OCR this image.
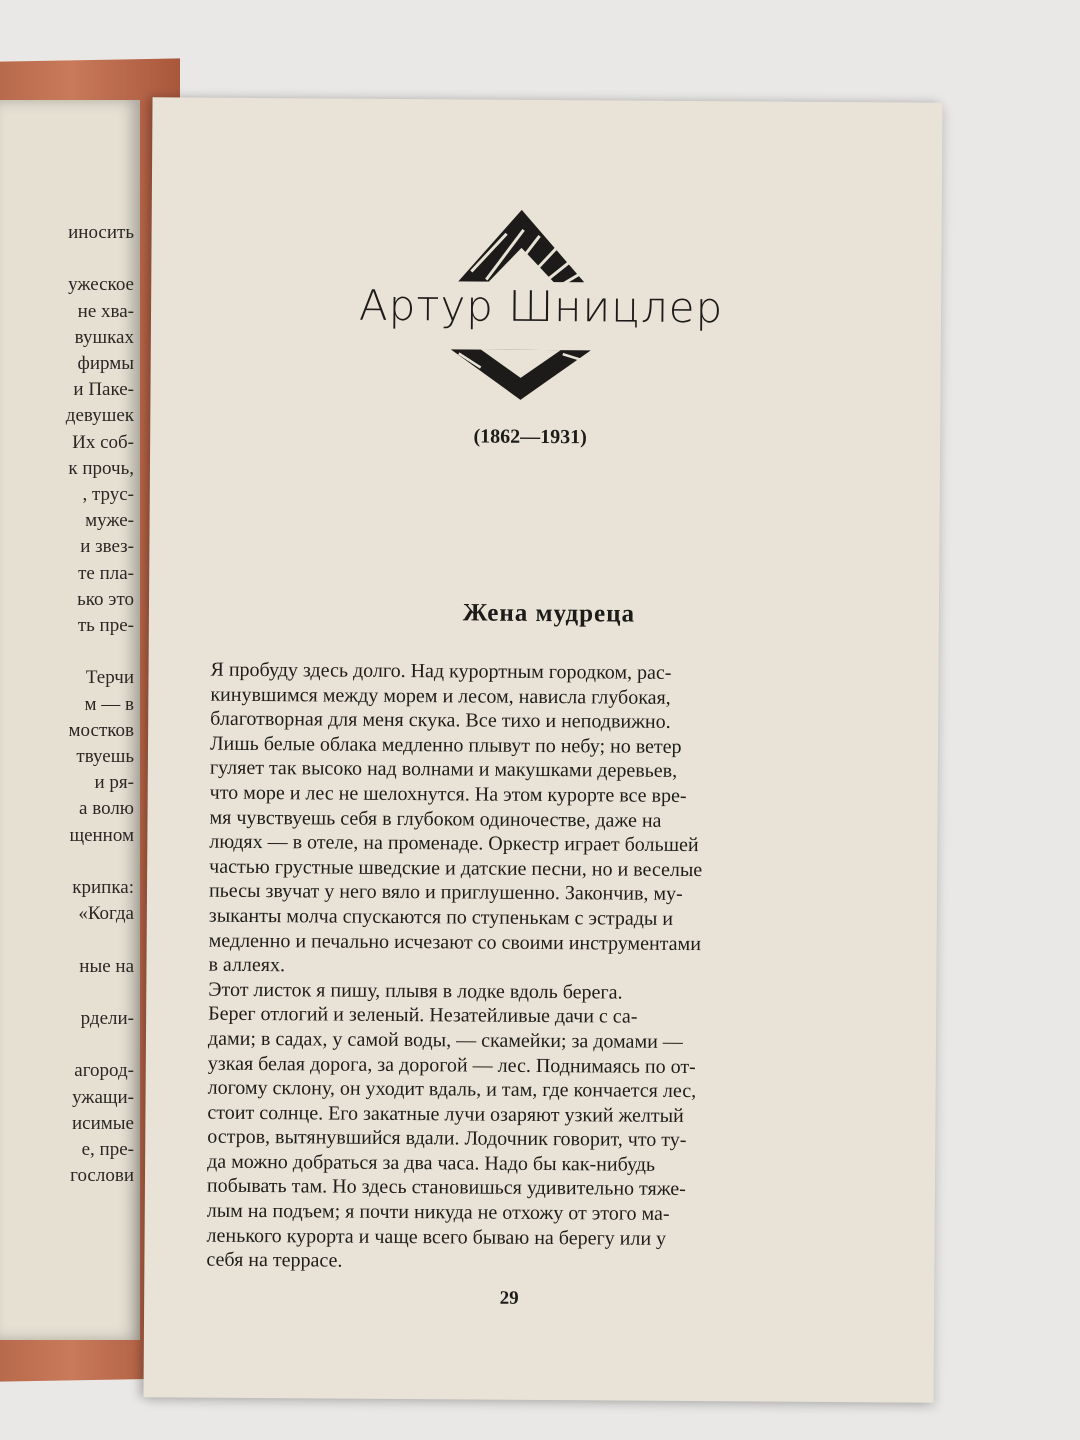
иносить
ужеское
не хва-
вушках
фирмы
и Паке-
девушек
Их соб-
к прочь,
, трус-
муже-
и звез-
те пла-
ько это
ть пре-
Терчи
м — в
мостков
твуешь
и ря-
а волю
щенном
крипка:
«Когда
ные на
рдели-
агород-
ужащи-
исимые
е, пре-
гослови
Артур Шницлер
(1862—1931)
Жена мудреца

Я пробуду здесь долго. Над курортным городком, рас-
кинувшимся между морем и лесом, нависла глубокая,
благотворная для меня скука. Все тихо и неподвижно.
Лишь белые облака медленно плывут по небу; но ветер
гуляет так высоко над волнами и макушками деревьев,
что море и лес не шелохнутся. На этом курорте все вре-
мя чувствуешь себя в глубоком одиночестве, даже на
людях — в отеле, на променаде. Оркестр играет большей
частью грустные шведские и датские песни, но и веселые
пьесы звучат у него вяло и приглушенно. Закончив, му-
зыканты молча спускаются по ступенькам с эстрады и
медленно и печально исчезают со своими инструментами
в аллеях.

Этот листок я пишу, плывя в лодке вдоль берега.

Берег отлогий и зеленый. Незатейливые дачи с са-
дами; в садах, у самой воды, — скамейки; за домами —
узкая белая дорога, за дорогой — лес. Поднимаясь по от-
логому склону, он уходит вдаль, и там, где кончается лес,
стоит солнце. Его закатные лучи озаряют узкий желтый
остров, вытянувшийся вдали. Лодочник говорит, что ту-
да можно добраться за два часа. Надо бы как-нибудь
побывать там. Но здесь становишься удивительно тяже-
лым на подъем; я почти никуда не отхожу от этого ма-
ленького курорта и чаще всего бываю на берегу или у
себя на террасе.

29
